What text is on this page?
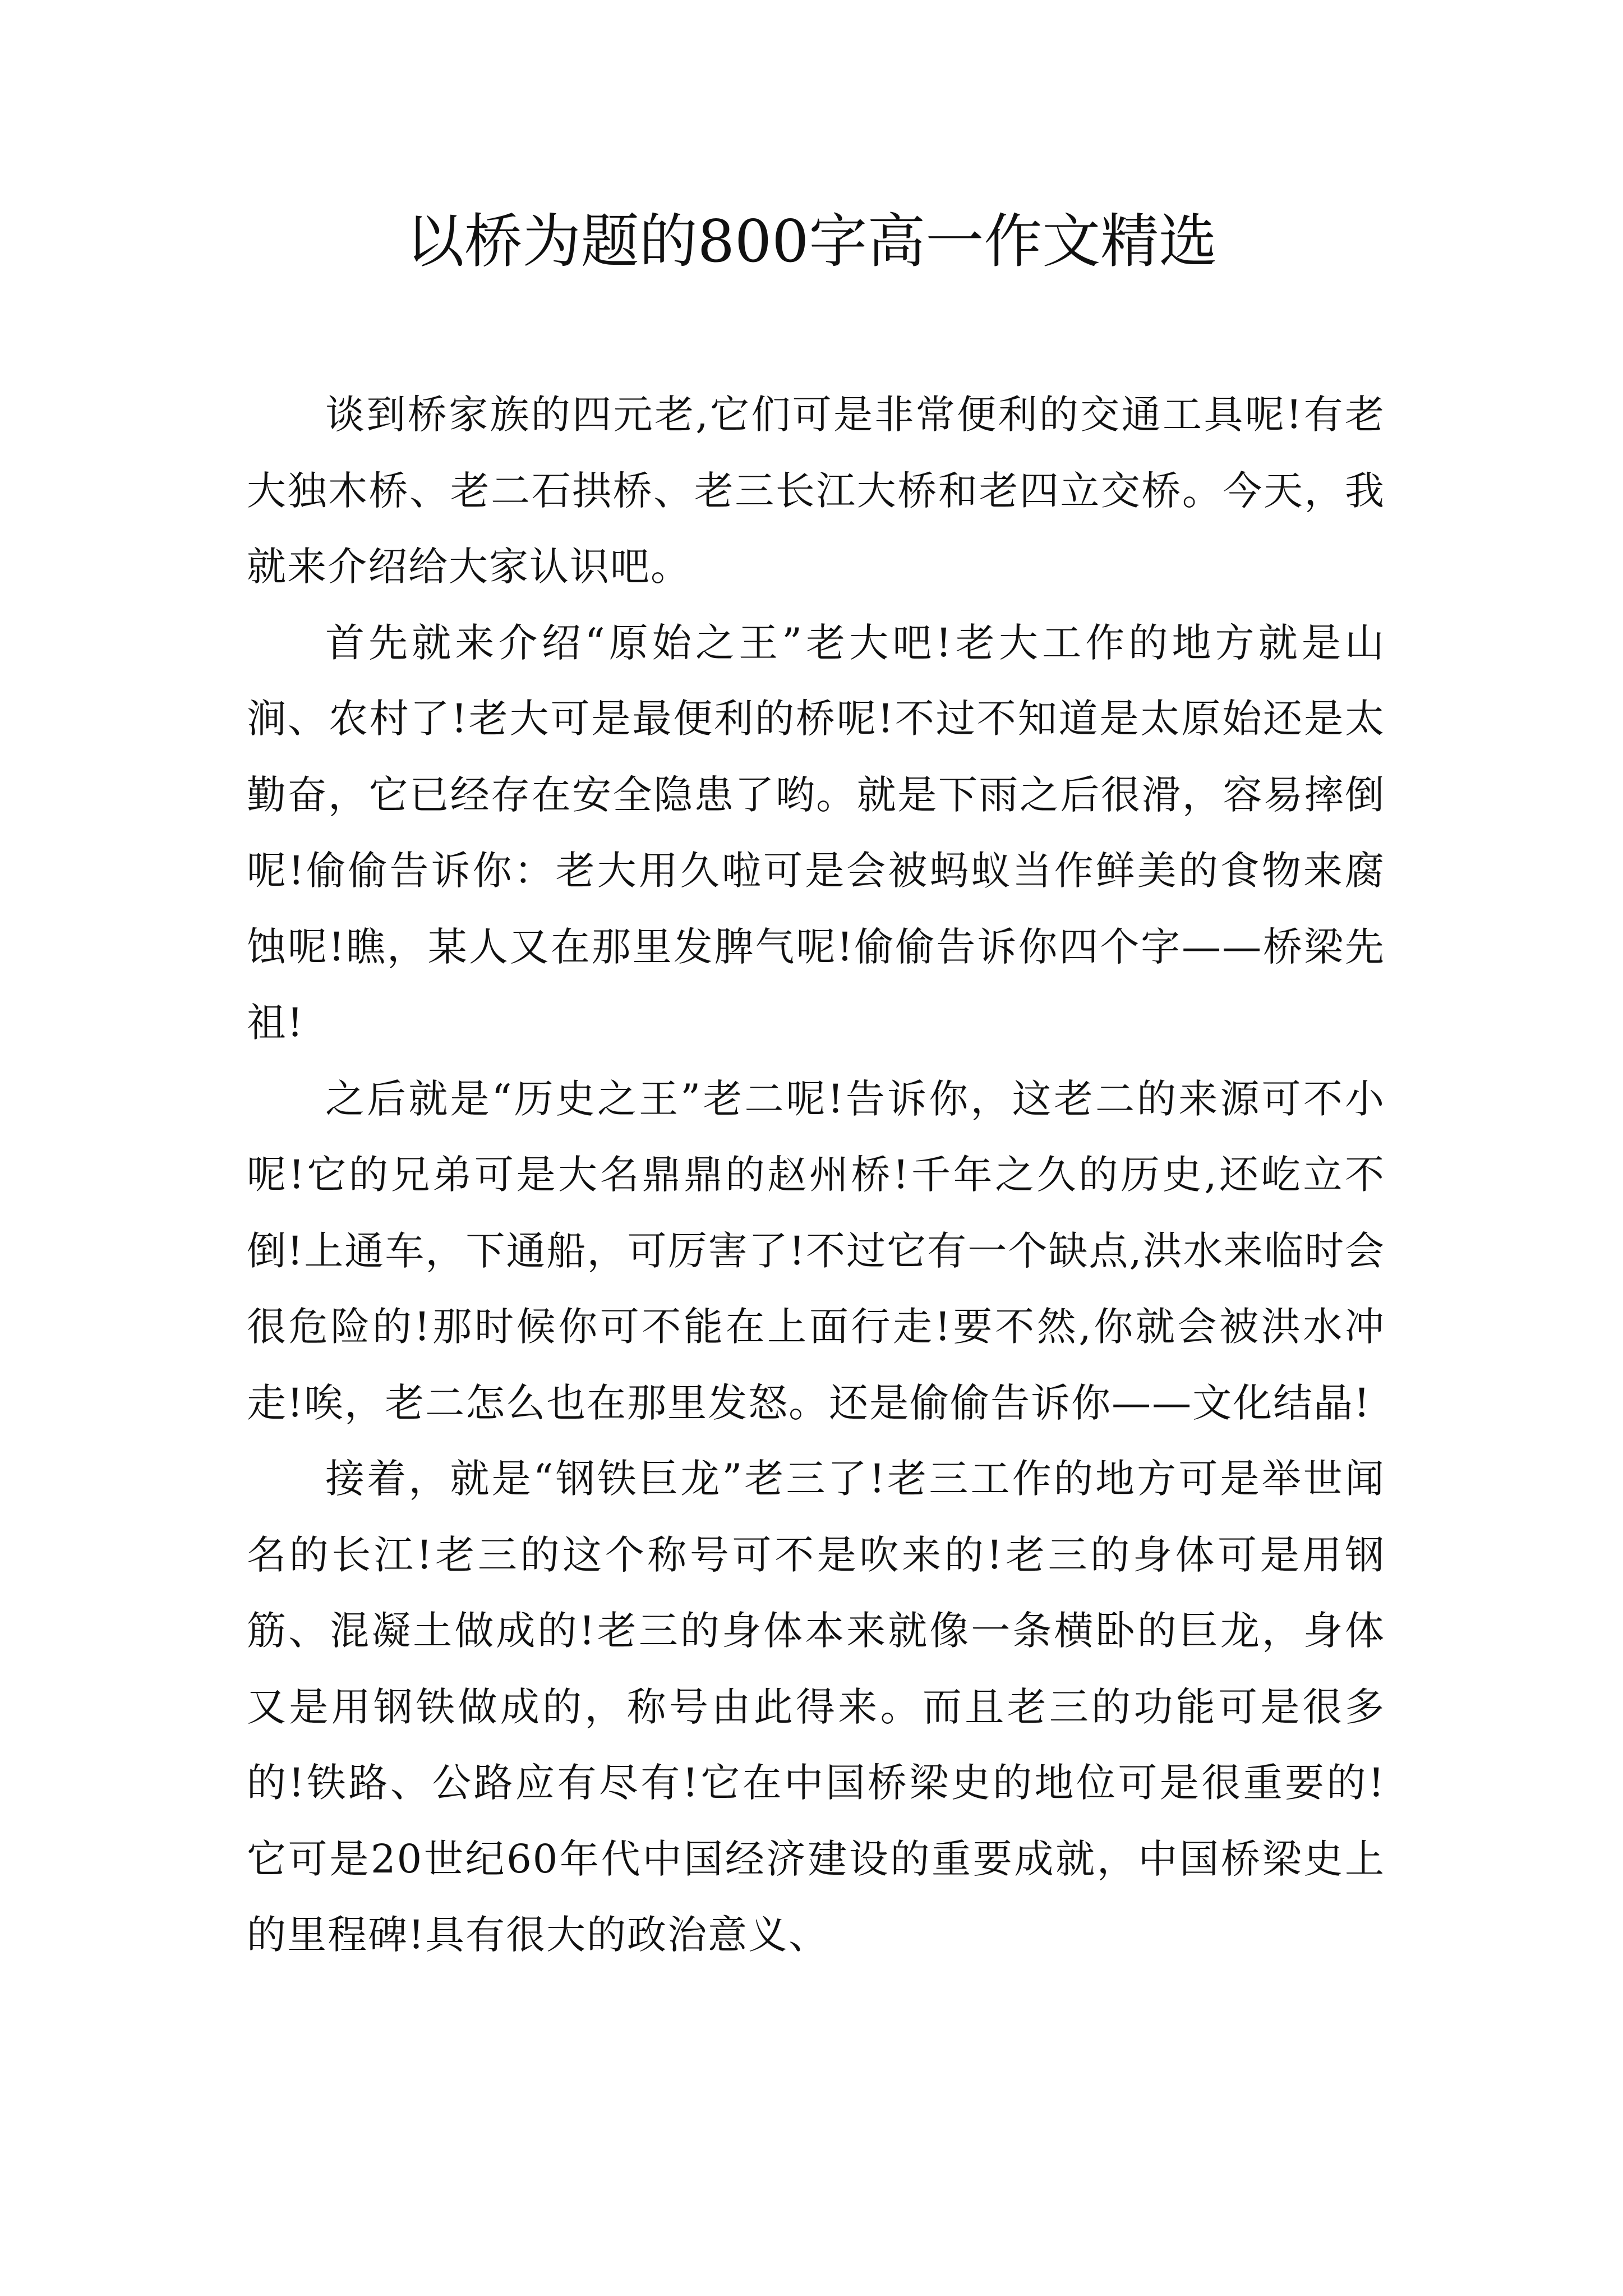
以桥为题的800字高一作文精选

谈到桥家族的四元老,它们可是非常便利的交通工具呢!有老大独木桥、老二石拱桥、老三长江大桥和老四立交桥。今天，我就来介绍给大家认识吧。

首先就来介绍“原始之王”老大吧!老大工作的地方就是山涧、农村了!老大可是最便利的桥呢!不过不知道是太原始还是太勤奋，它已经存在安全隐患了哟。就是下雨之后很滑，容易摔倒呢!偷偷告诉你：老大用久啦可是会被蚂蚁当作鲜美的食物来腐蚀呢!瞧，某人又在那里发脾气呢!偷偷告诉你四个字——桥梁先祖!

之后就是“历史之王”老二呢!告诉你，这老二的来源可不小呢!它的兄弟可是大名鼎鼎的赵州桥!千年之久的历史,还屹立不倒!上通车，下通船，可厉害了!不过它有一个缺点,洪水来临时会很危险的!那时候你可不能在上面行走!要不然,你就会被洪水冲走!唉，老二怎么也在那里发怒。还是偷偷告诉你——文化结晶!

接着，就是“钢铁巨龙”老三了!老三工作的地方可是举世闻名的长江!老三的这个称号可不是吹来的!老三的身体可是用钢筋、混凝土做成的!老三的身体本来就像一条横卧的巨龙，身体又是用钢铁做成的，称号由此得来。而且老三的功能可是很多的!铁路、公路应有尽有!它在中国桥梁史的地位可是很重要的!它可是20世纪60年代中国经济建设的重要成就，中国桥梁史上的里程碑!具有很大的政治意义、
